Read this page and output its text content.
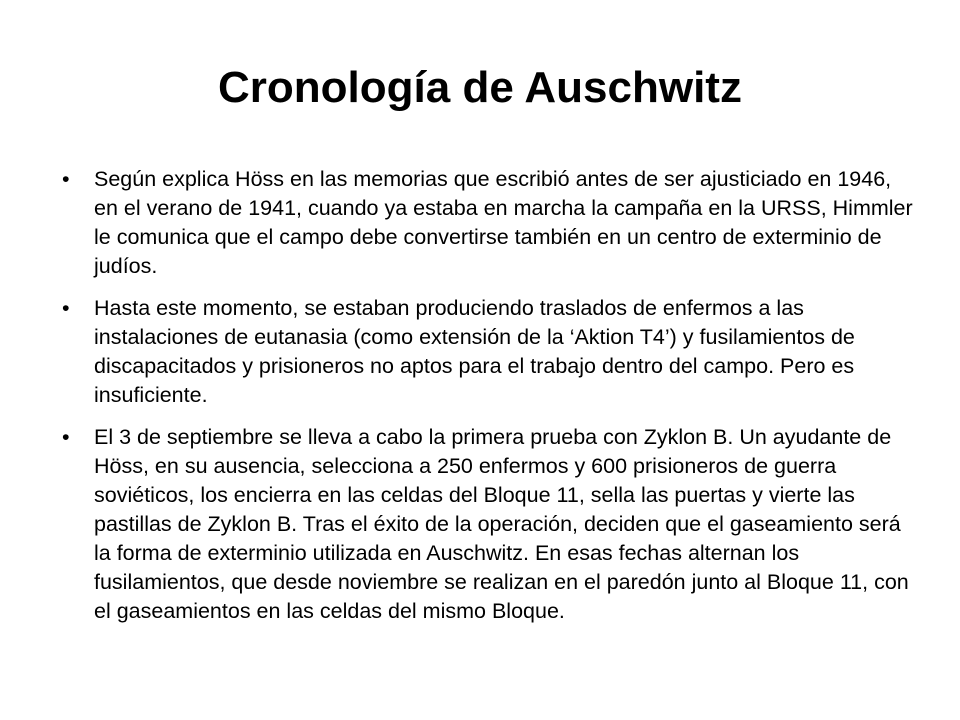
Cronología de Auschwitz
•	Según explica Höss en las memorias que escribió antes de ser ajusticiado en 1946, en el verano de 1941, cuando ya estaba en marcha la campaña en la URSS, Himmler le comunica que el campo debe convertirse también en un centro de exterminio de judíos.
•	Hasta este momento, se estaban produciendo traslados de enfermos a las instalaciones de eutanasia (como extensión de la ‘Aktion T4’) y fusilamientos de discapacitados y prisioneros no aptos para el trabajo dentro del campo. Pero es insuficiente.
•	El 3 de septiembre se lleva a cabo la primera prueba con Zyklon B. Un ayudante de Höss, en su ausencia, selecciona a 250 enfermos y 600 prisioneros de guerra soviéticos, los encierra en las celdas del Bloque 11, sella las puertas y vierte las pastillas de Zyklon B. Tras el éxito de la operación, deciden que el gaseamiento será la forma de exterminio utilizada en Auschwitz. En esas fechas alternan los fusilamientos, que desde noviembre se realizan en el paredón junto al Bloque 11, con el gaseamientos en las celdas del mismo Bloque.
